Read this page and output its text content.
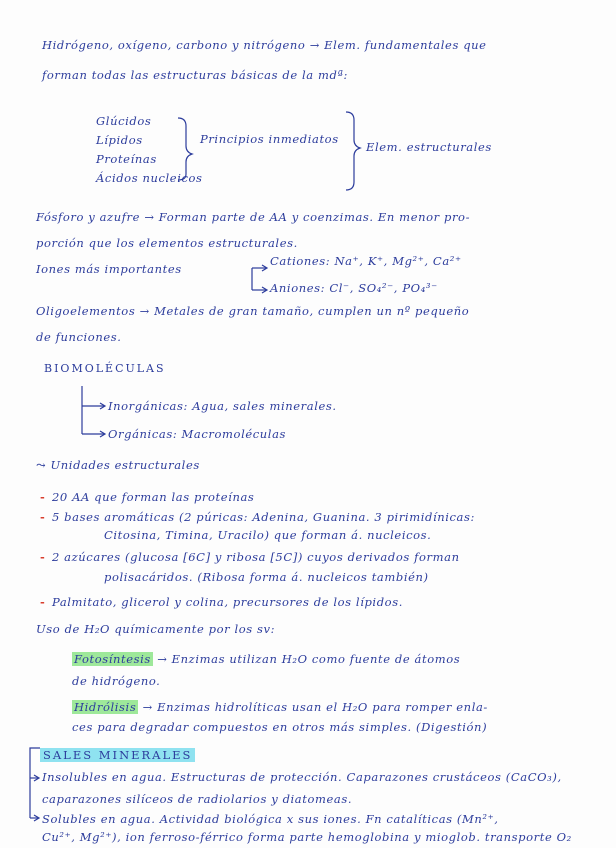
Hidrógeno, oxígeno, carbono y nitrógeno → Elem. fundamentales que
forman todas las estructuras básicas de la mdª:
Glúcidos
Lípidos
Proteínas
Ácidos nucleicos
Principios inmediatos
Elem. estructurales
Fósforo y azufre → Forman parte de AA y coenzimas. En menor pro-
porción que los elementos estructurales.
Iones más importantes
Cationes: Na⁺, K⁺, Mg²⁺, Ca²⁺
Aniones: Cl⁻, SO₄²⁻, PO₄³⁻
Oligoelementos → Metales de gran tamaño, cumplen un nº pequeño
de funciones.
BIOMOLÉCULAS
Inorgánicas: Agua, sales minerales.
Orgánicas: Macromoléculas
⤳ Unidades estructurales
- 20 AA que forman las proteínas
- 5 bases aromáticas (2 púricas: Adenina, Guanina. 3 pirimidínicas:
Citosina, Timina, Uracilo) que forman á. nucleicos.
- 2 azúcares (glucosa [6C] y ribosa [5C]) cuyos derivados forman
polisacáridos. (Ribosa forma á. nucleicos también)
- Palmitato, glicerol y colina, precursores de los lípidos.
Uso de H₂O químicamente por los sv:
Fotosíntesis → Enzimas utilizan H₂O como fuente de átomos
de hidrógeno.
Hidrólisis → Enzimas hidrolíticas usan el H₂O para romper enla-
ces para degradar compuestos en otros más simples. (Digestión)
SALES MINERALES
Insolubles en agua. Estructuras de protección. Caparazones crustáceos (CaCO₃),
caparazones silíceos de radiolarios y diatomeas.
Solubles en agua. Actividad biológica x sus iones. Fn catalíticas (Mn²⁺,
Cu²⁺, Mg²⁺), ion ferroso-férrico forma parte hemoglobina y mioglob. transporte O₂
